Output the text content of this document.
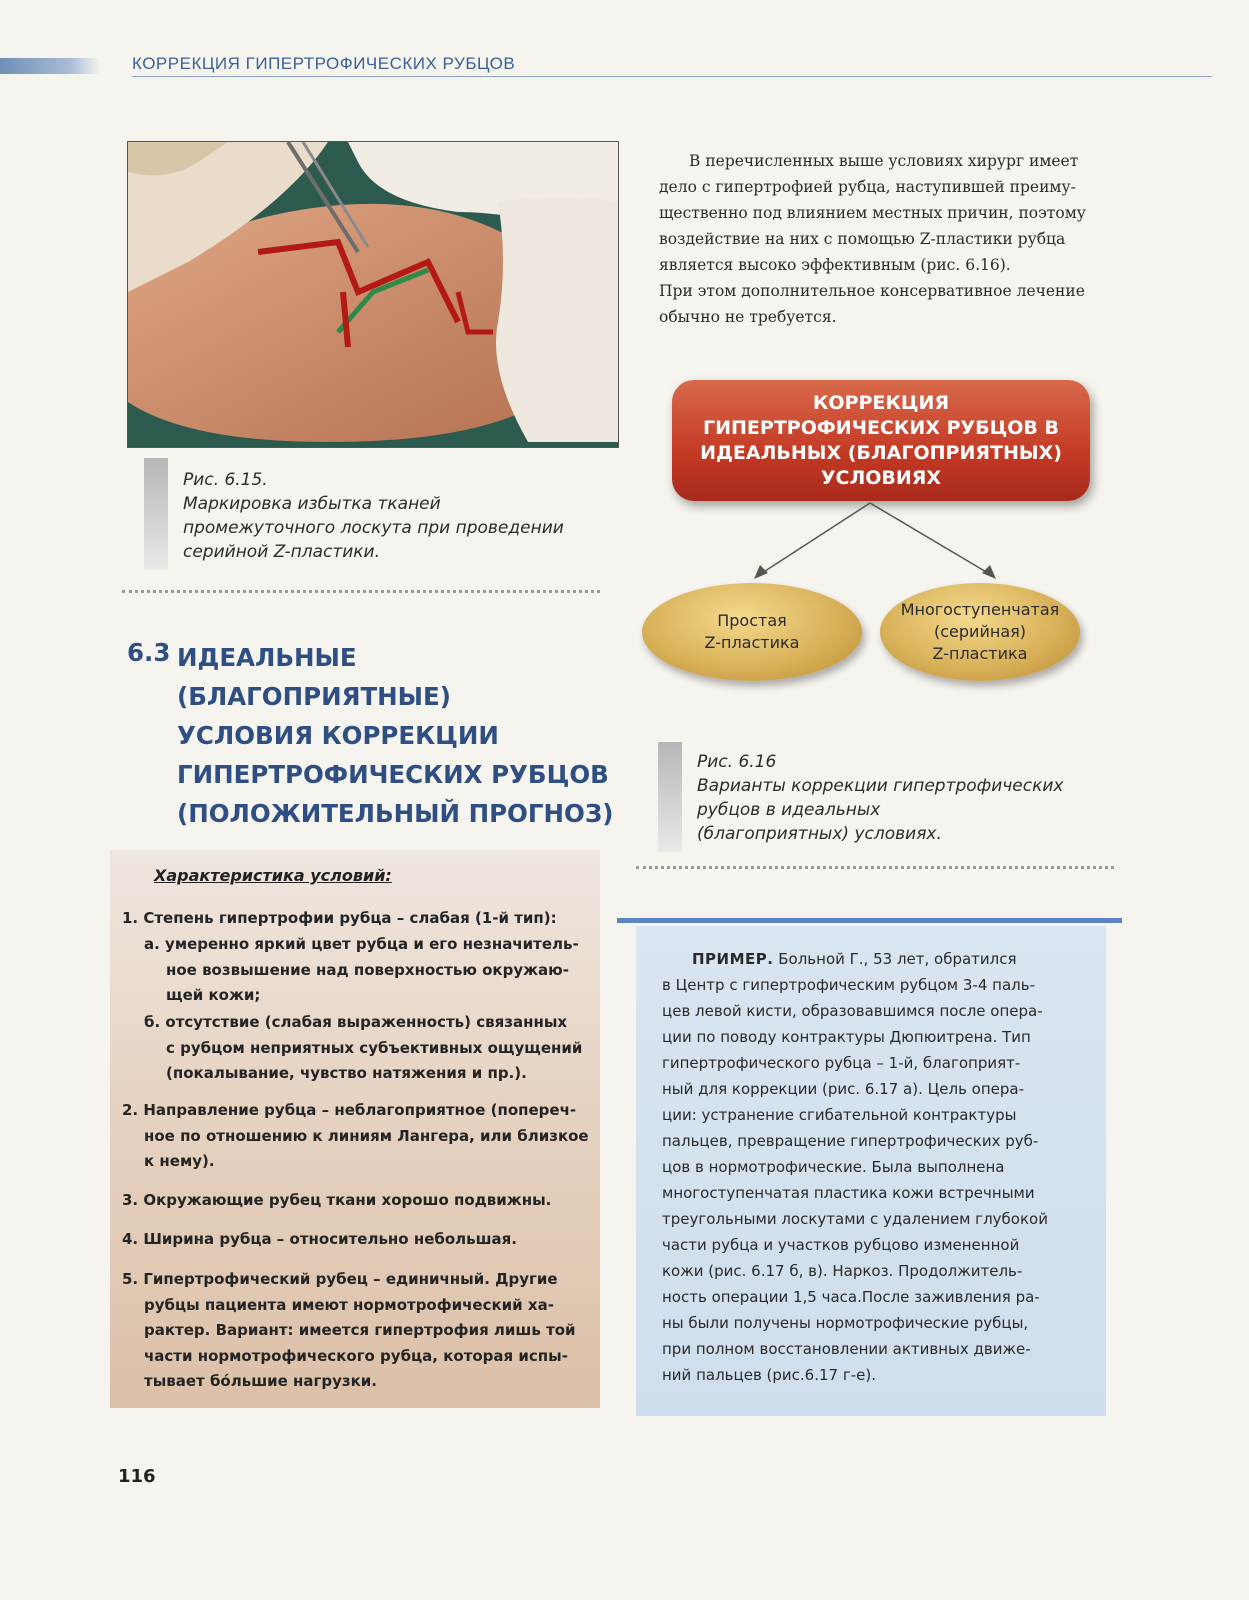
КОРРЕКЦИЯ ГИПЕРТРОФИЧЕСКИХ РУБЦОВ
Рис. 6.15.
Маркировка избытка тканей
промежуточного лоскута при проведении
серийной Z-пластики.
В перечисленных выше условиях хирург имеет
дело с гипертрофией рубца, наступившей преиму-
щественно под влиянием местных причин, поэтому
воздействие на них с помощью Z-пластики рубца
является высоко эффективным (рис. 6.16).
При этом дополнительное консервативное лечение
обычно не требуется.
КОРРЕКЦИЯ
ГИПЕРТРОФИЧЕСКИХ РУБЦОВ В
ИДЕАЛЬНЫХ (БЛАГОПРИЯТНЫХ)
УСЛОВИЯХ
Простая
Z-пластика
Многоступенчатая
(серийная)
Z-пластика
Рис. 6.16
Варианты коррекции гипертрофических
рубцов в идеальных
(благоприятных) условиях.
6.3 ИДЕАЛЬНЫЕ
(БЛАГОПРИЯТНЫЕ)
УСЛОВИЯ КОРРЕКЦИИ
ГИПЕРТРОФИЧЕСКИХ РУБЦОВ
(ПОЛОЖИТЕЛЬНЫЙ ПРОГНОЗ)
Характеристика условий:
1. Степень гипертрофии рубца – слабая (1-й тип):
а. умеренно яркий цвет рубца и его незначитель-
ное возвышение над поверхностью окружаю-
щей кожи;
б. отсутствие (слабая выраженность) связанных
с рубцом неприятных субъективных ощущений
(покалывание, чувство натяжения и пр.).
2. Направление рубца – неблагоприятное (попереч-
ное по отношению к линиям Лангера, или близкое
к нему).
3. Окружающие рубец ткани хорошо подвижны.
4. Ширина рубца – относительно небольшая.
5. Гипертрофический рубец – единичный. Другие
рубцы пациента имеют нормотрофический ха-
рактер. Вариант: имеется гипертрофия лишь той
части нормотрофического рубца, которая испы-
тывает бо́льшие нагрузки.
ПРИМЕР. Больной Г., 53 лет, обратился
в Центр с гипертрофическим рубцом 3-4 паль-
цев левой кисти, образовавшимся после опера-
ции по поводу контрактуры Дюпюитрена. Тип
гипертрофического рубца – 1-й, благоприят-
ный для коррекции (рис. 6.17 а). Цель опера-
ции: устранение сгибательной контрактуры
пальцев, превращение гипертрофических руб-
цов в нормотрофические. Была выполнена
многоступенчатая пластика кожи встречными
треугольными лоскутами с удалением глубокой
части рубца и участков рубцово измененной
кожи (рис. 6.17 б, в). Наркоз. Продолжитель-
ность операции 1,5 часа.После заживления ра-
ны были получены нормотрофические рубцы,
при полном восстановлении активных движе-
ний пальцев (рис.6.17 г-е).
116
